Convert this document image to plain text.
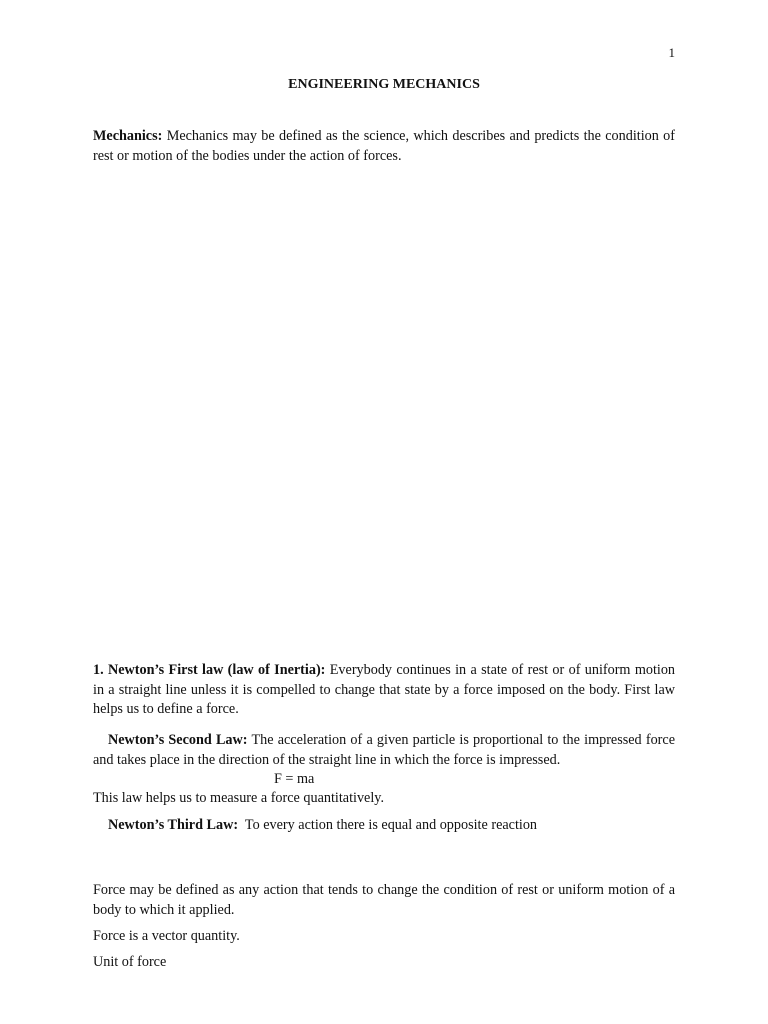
1
ENGINEERING MECHANICS

Mechanics: Mechanics may be defined as the science, which describes and predicts the condition of rest or motion of the bodies under the action of forces.

1. Newton’s First law (law of Inertia): Everybody continues in a state of rest or of uniform motion in a straight line unless it is compelled to change that state by a force imposed on the body. First law helps us to define a force.

Newton’s Second Law: The acceleration of a given particle is proportional to the impressed force and takes place in the direction of the straight line in which the force is impressed.

F = ma

This law helps us to measure a force quantitatively.

Newton’s Third Law: To every action there is equal and opposite reaction

Force may be defined as any action that tends to change the condition of rest or uniform motion of a body to which it applied.

Force is a vector quantity.

Unit of force
